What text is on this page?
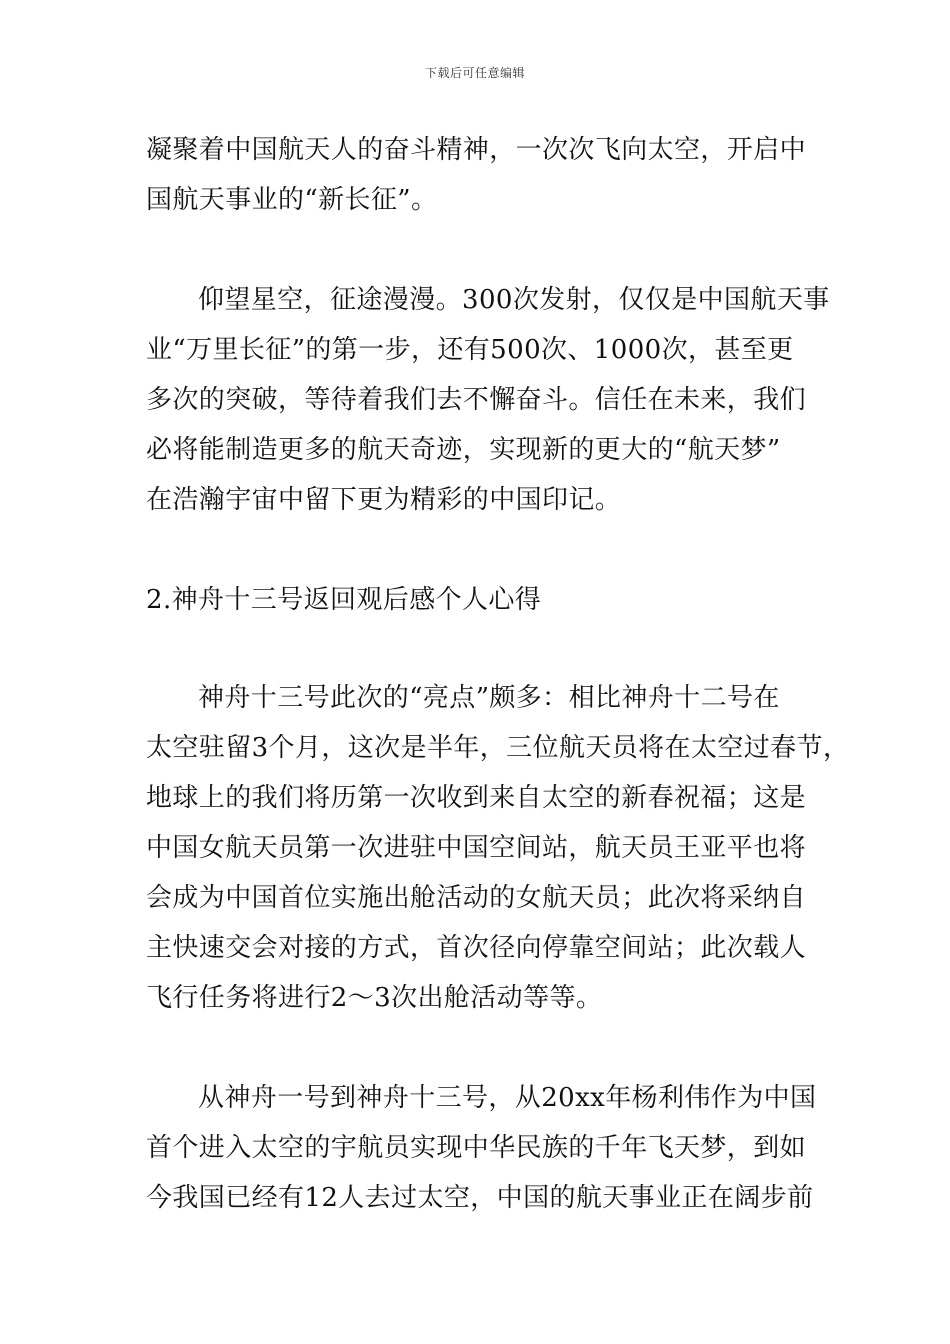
下载后可任意编辑
凝聚着中国航天人的奋斗精神，一次次飞向太空，开启中
国航天事业的“新长征”。
仰望星空，征途漫漫。300次发射，仅仅是中国航天事
业“万里长征”的第一步，还有500次、1000次，甚至更
多次的突破，等待着我们去不懈奋斗。信任在未来，我们
必将能制造更多的航天奇迹，实现新的更大的“航天梦”
在浩瀚宇宙中留下更为精彩的中国印记。
2.神舟十三号返回观后感个人心得
神舟十三号此次的“亮点”颇多：相比神舟十二号在
太空驻留3个月，这次是半年，三位航天员将在太空过春节，
地球上的我们将历第一次收到来自太空的新春祝福；这是
中国女航天员第一次进驻中国空间站，航天员王亚平也将
会成为中国首位实施出舱活动的女航天员；此次将采纳自
主快速交会对接的方式，首次径向停靠空间站；此次载人
飞行任务将进行2～3次出舱活动等等。
从神舟一号到神舟十三号，从20xx年杨利伟作为中国
首个进入太空的宇航员实现中华民族的千年飞天梦，到如
今我国已经有12人去过太空，中国的航天事业正在阔步前
